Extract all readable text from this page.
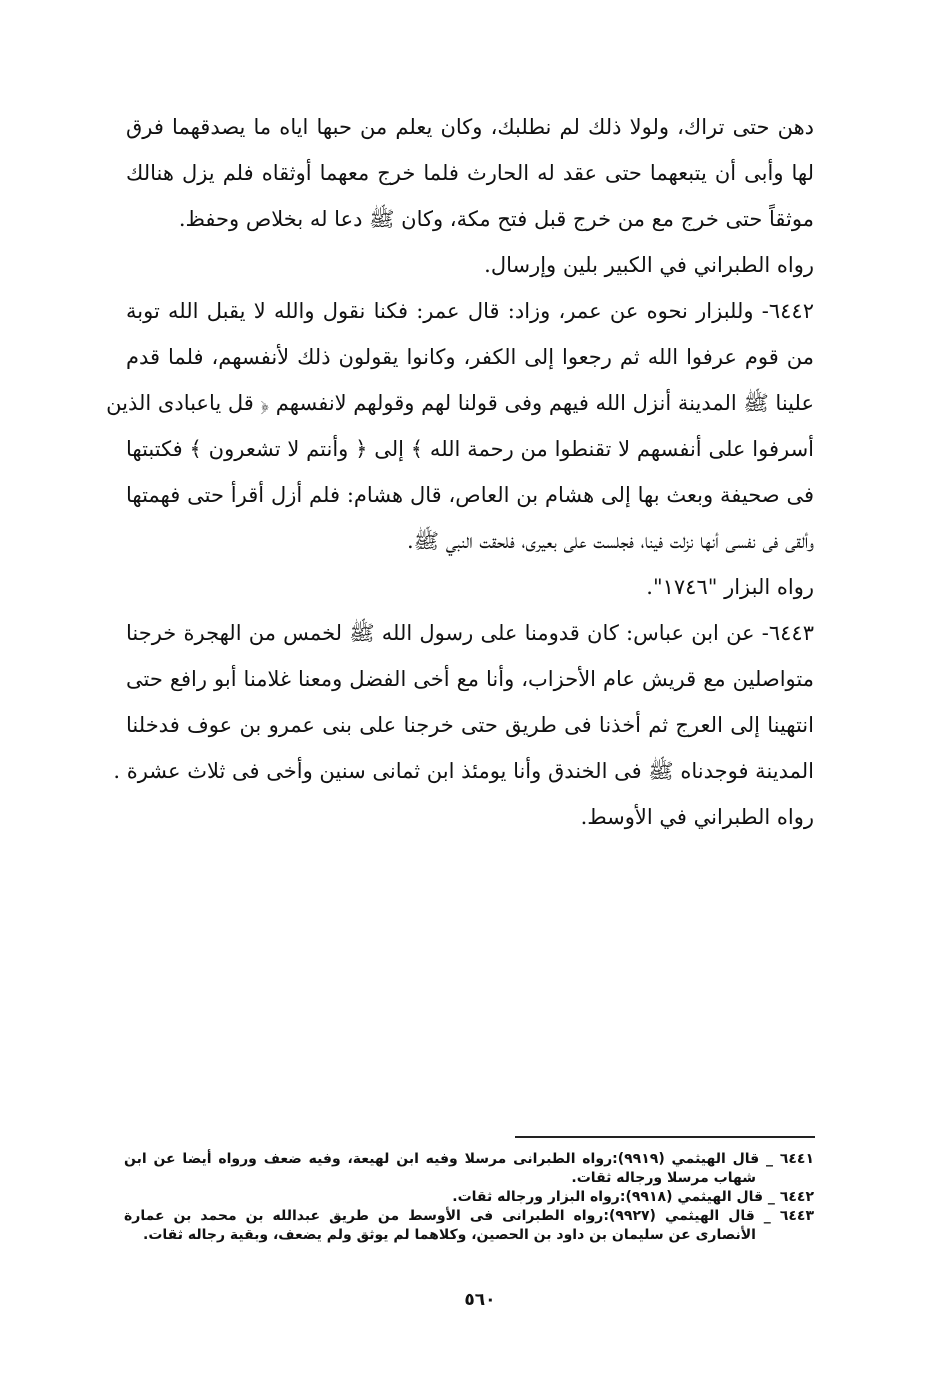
دهن حتى تراك، ولولا ذلك لم نطلبك، وكان يعلم من حبها اياه ما يصدقهما فرق
لها وأبى أن يتبعهما حتى عقد له الحارث فلما خرج معهما أوثقاه فلم يزل هنالك
موثقاً حتى خرج مع من خرج قبل فتح مكة، وكان ﷺ دعا له بخلاص وحفظ.
رواه الطبراني في الكبير بلين وإرسال.
٦٤٤٢- وللبزار نحوه عن عمر، وزاد: قال عمر: فكنا نقول والله لا يقبل الله توبة
من قوم عرفوا الله ثم رجعوا إلى الكفر، وكانوا يقولون ذلك لأنفسهم، فلما قدم
علينا ﷺ المدينة أنزل الله فيهم وفى قولنا لهم وقولهم لانفسهم ﴿ قل ياعبادى الذين
أسرفوا على أنفسهم لا تقنطوا من رحمة الله ﴾ إلى ﴿ وأنتم لا تشعرون ﴾ فكتبتها
فى صحيفة وبعث بها إلى هشام بن العاص، قال هشام: فلم أزل أقرأ حتى فهمتها
وألقى فى نفسى أنها نزلت فينا، فجلست على بعيرى، فلحقت النبي ﷺ.
رواه البزار "١٧٤٦".
٦٤٤٣- عن ابن عباس: كان قدومنا على رسول الله ﷺ لخمس من الهجرة خرجنا
متواصلين مع قريش عام الأحزاب، وأنا مع أخى الفضل ومعنا غلامنا أبو رافع حتى
انتهينا إلى العرج ثم أخذنا فى طريق حتى خرجنا على بنى عمرو بن عوف فدخلنا
المدينة فوجدناه ﷺ فى الخندق وأنا يومئذ ابن ثمانى سنين وأخى فى ثلاث عشرة .
رواه الطبراني في الأوسط.
٦٤٤١ _ قال الهيثمي (٩٩١٩):رواه الطبرانى مرسلا وفيه ابن لهيعة، وفيه ضعف ورواه أيضا عن ابن
شهاب مرسلا ورجاله ثقات.
٦٤٤٢ _ قال الهيثمي (٩٩١٨):رواه البزار ورجاله ثقات.
٦٤٤٣ _ قال الهيثمي (٩٩٢٧):رواه الطبرانى فى الأوسط من طريق عبدالله بن محمد بن عمارة
الأنصارى عن سليمان بن داود بن الحصين، وكلاهما لم يوثق ولم يضعف، وبقية رجاله ثقات.
٥٦٠
